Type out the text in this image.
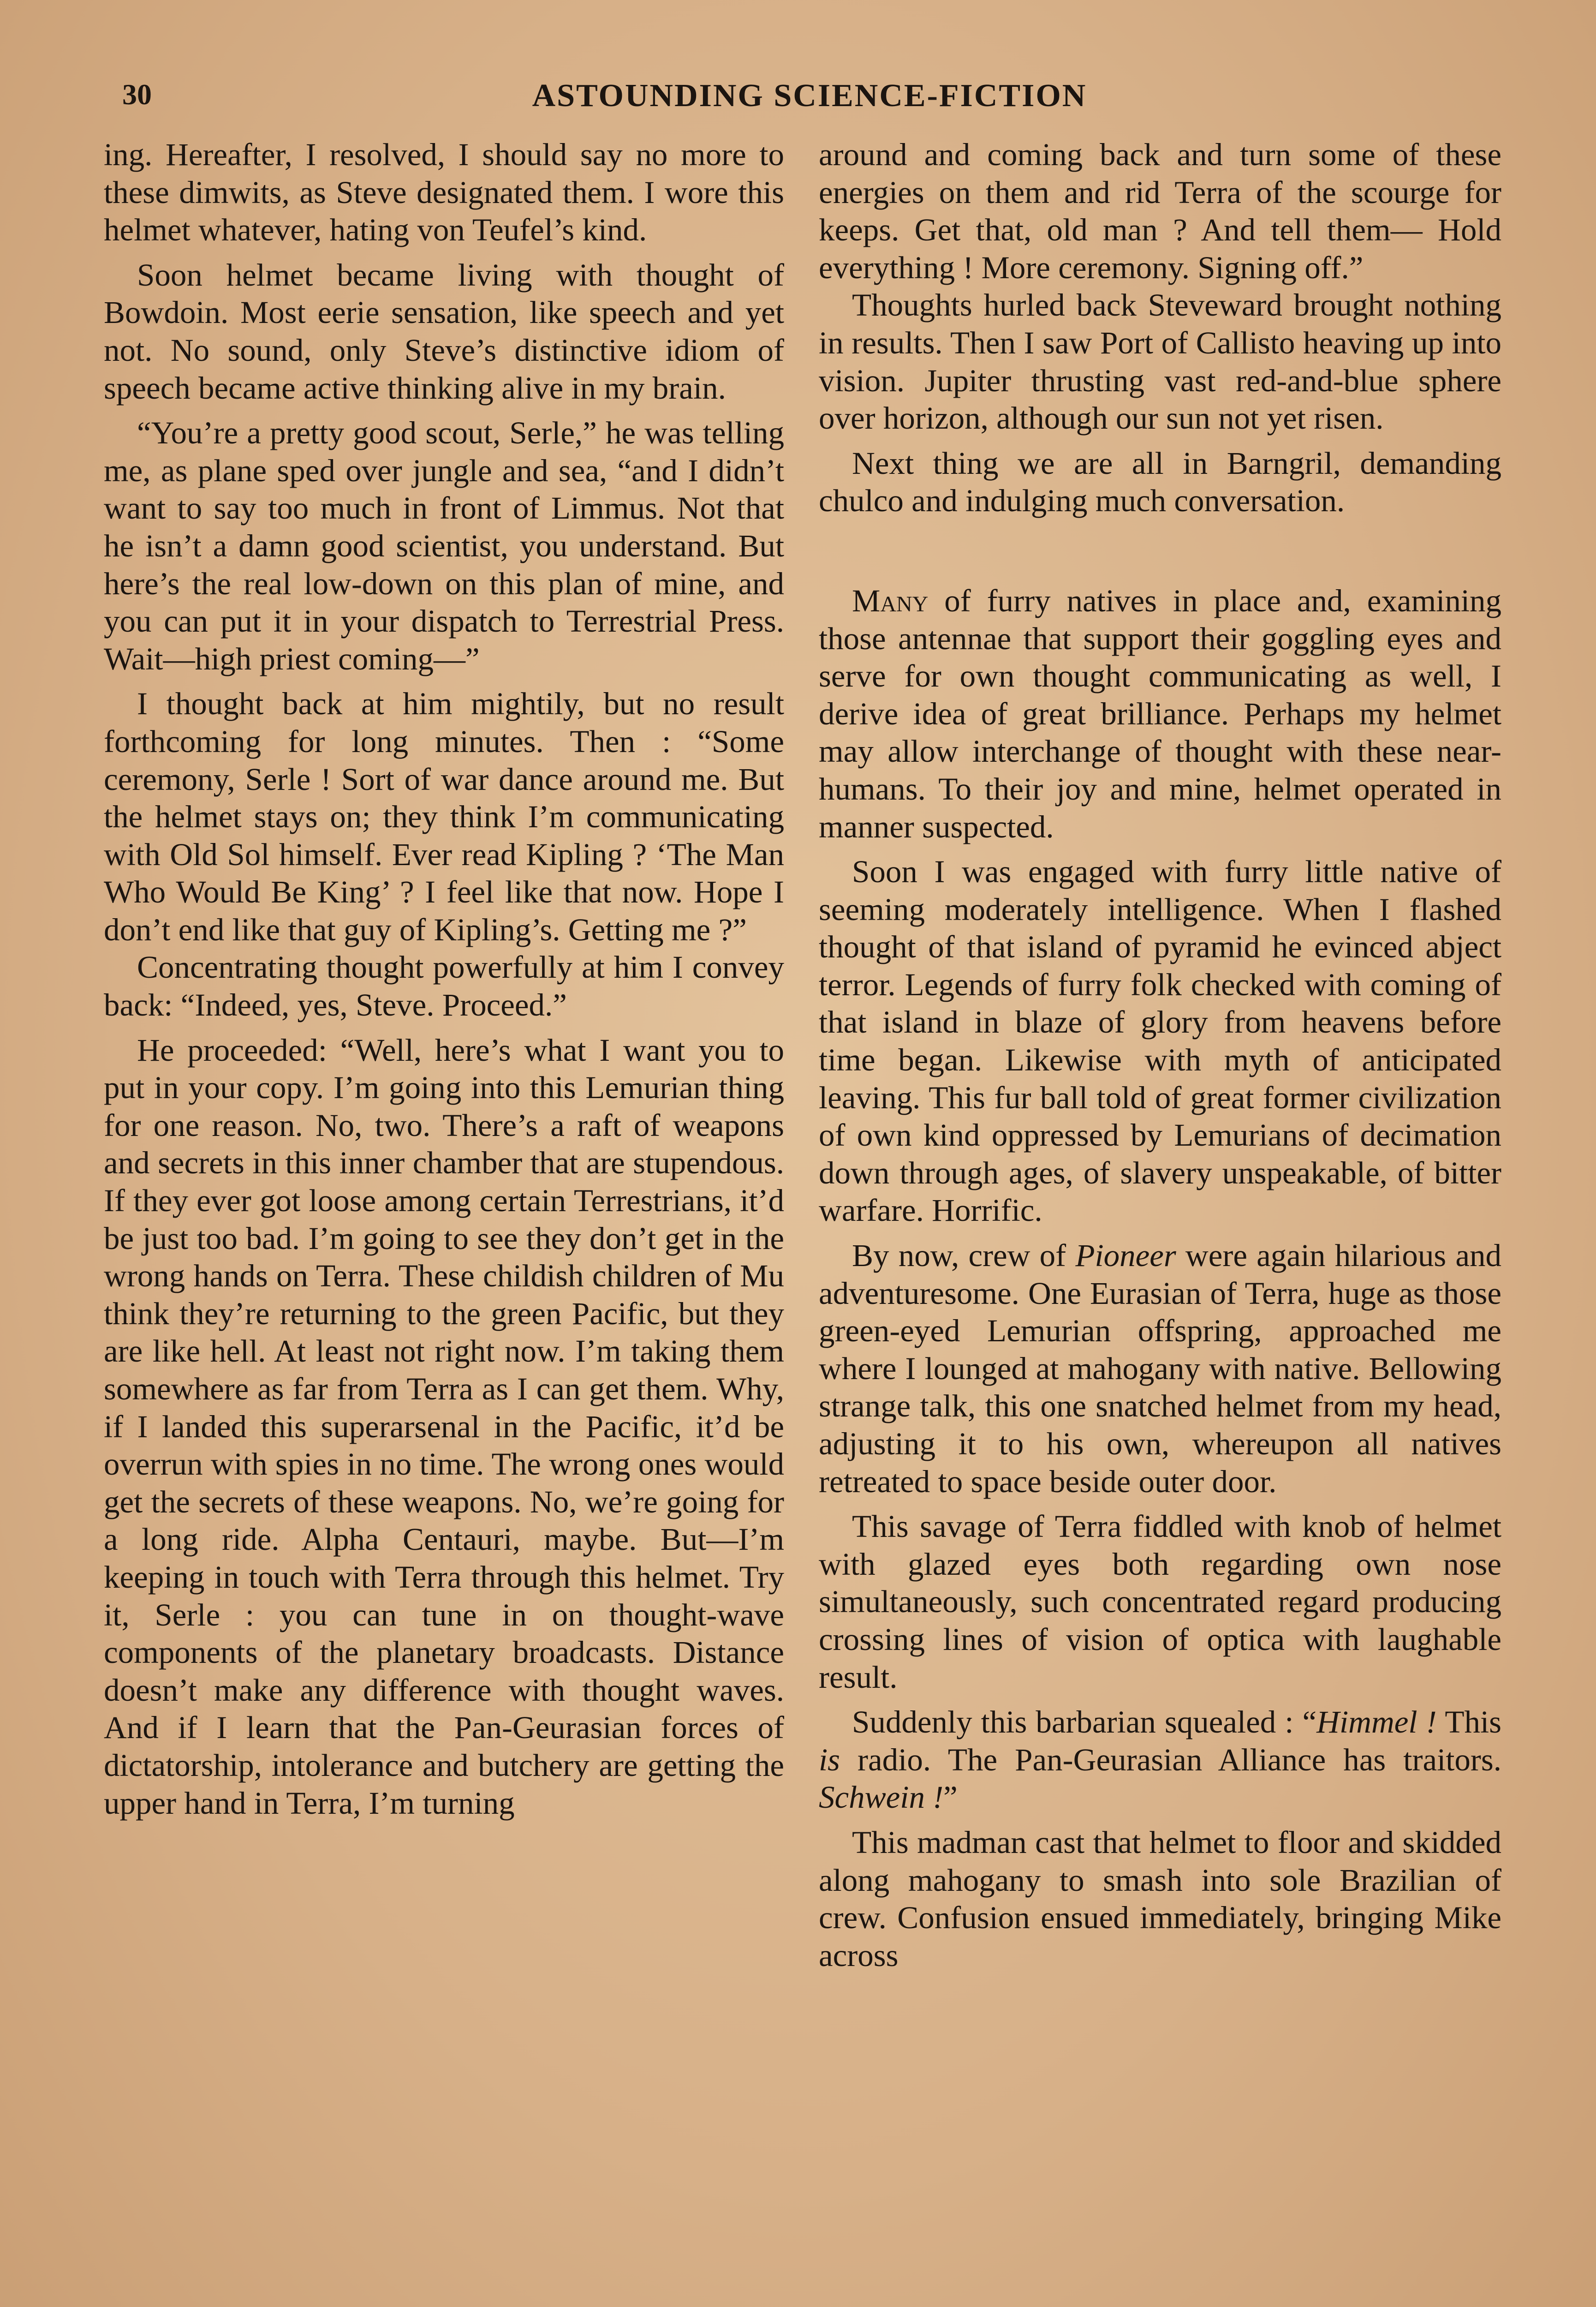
30	ASTOUNDING SCIENCE-FICTION

ing. Hereafter, I resolved, I should say no more to these dimwits, as Steve designated them. I wore this helmet whatever, hating von Teufel’s kind.

Soon helmet became living with thought of Bowdoin. Most eerie sensation, like speech and yet not. No sound, only Steve’s distinctive idiom of speech became active thinking alive in my brain.

“You’re a pretty good scout, Serle,” he was telling me, as plane sped over jungle and sea, “and I didn’t want to say too much in front of Limmus. Not that he isn’t a damn good scientist, you understand. But here’s the real low-down on this plan of mine, and you can put it in your dispatch to Terrestrial Press. Wait—high priest coming—”

I thought back at him mightily, but no result forthcoming for long minutes. Then : “Some ceremony, Serle ! Sort of war dance around me. But the helmet stays on; they think I’m communicating with Old Sol himself. Ever read Kipling ? ‘The Man Who Would Be King’ ? I feel like that now. Hope I don’t end like that guy of Kipling’s. Getting me ?”

Concentrating thought powerfully at him I convey back: “Indeed, yes, Steve. Proceed.”

He proceeded: “Well, here’s what I want you to put in your copy. I’m going into this Lemurian thing for one reason. No, two. There’s a raft of weapons and secrets in this inner chamber that are stupendous. If they ever got loose among certain Terrestrians, it’d be just too bad. I’m going to see they don’t get in the wrong hands on Terra. These childish children of Mu think they’re returning to the green Pacific, but they are like hell. At least not right now. I’m taking them somewhere as far from Terra as I can get them. Why, if I landed this superarsenal in the Pacific, it’d be overrun with spies in no time. The wrong ones would get the secrets of these weapons. No, we’re going for a long ride. Alpha Centauri, maybe. But—I’m keeping in touch with Terra through this helmet. Try it, Serle : you can tune in on thought-wave components of the planetary broadcasts. Distance doesn’t make any difference with thought waves. And if I learn that the Pan-Geurasian forces of dictatorship, intolerance and butchery are getting the upper hand in Terra, I’m turning

around and coming back and turn some of these energies on them and rid Terra of the scourge for keeps. Get that, old man ? And tell them— Hold everything ! More ceremony. Signing off.”

Thoughts hurled back Steveward brought nothing in results. Then I saw Port of Callisto heaving up into vision. Jupiter thrusting vast red-and-blue sphere over horizon, although our sun not yet risen.

Next thing we are all in Barngril, demanding chulco and indulging much conversation.

Many of furry natives in place and, examining those antennae that support their goggling eyes and serve for own thought communicating as well, I derive idea of great brilliance. Perhaps my helmet may allow interchange of thought with these near-humans. To their joy and mine, helmet operated in manner suspected.

Soon I was engaged with furry little native of seeming moderately intelligence. When I flashed thought of that island of pyramid he evinced abject terror. Legends of furry folk checked with coming of that island in blaze of glory from heavens before time began. Likewise with myth of anticipated leaving. This fur ball told of great former civilization of own kind oppressed by Lemurians of decimation down through ages, of slavery unspeakable, of bitter warfare. Horrific.

By now, crew of Pioneer were again hilarious and adventuresome. One Eurasian of Terra, huge as those green-eyed Lemurian offspring, approached me where I lounged at mahogany with native. Bellowing strange talk, this one snatched helmet from my head, adjusting it to his own, whereupon all natives retreated to space beside outer door.

This savage of Terra fiddled with knob of helmet with glazed eyes both regarding own nose simultaneously, such concentrated regard producing crossing lines of vision of optica with laughable result.

Suddenly this barbarian squealed : “Himmel ! This is radio. The Pan-Geurasian Alliance has traitors. Schwein !”

This madman cast that helmet to floor and skidded along mahogany to smash into sole Brazilian of crew. Confusion ensued immediately, bringing Mike across
